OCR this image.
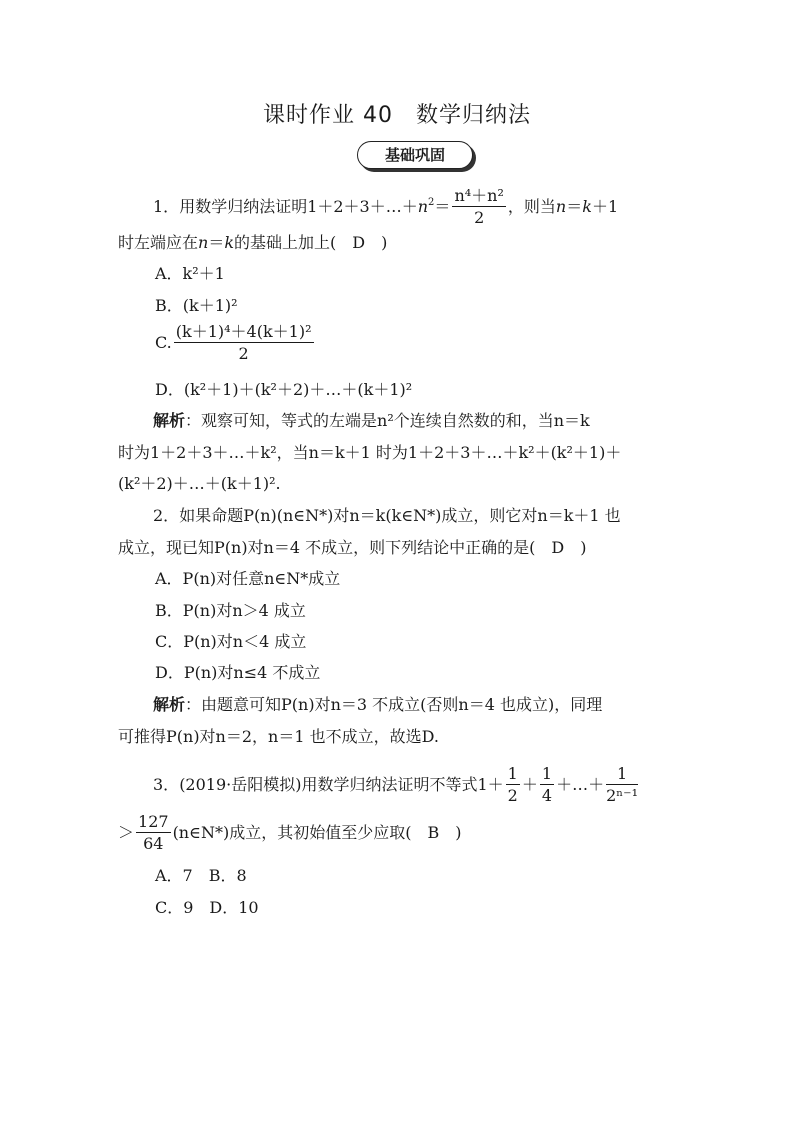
课时作业 40　数学归纳法
基础巩固
1．用数学归纳法证明$1+2+3+\dots+n^2= \frac{\text{n⁴＋n²}}{2}$ ，则当n＝k＋1
时左端应在n＝k的基础上加上(　D　)
A．k²＋1
B．(k＋1)²
C. $\frac{\text{(k＋1)⁴＋4(k＋1)²}}{2}$
D．(k²＋1)＋(k²＋2)＋…＋(k＋1)²
解析：观察可知，等式的左端是n²个连续自然数的和，当n＝k
时为1＋2＋3＋…＋k²，当n＝k＋1 时为1＋2＋3＋…＋k²＋(k²＋1)＋
(k²＋2)＋…＋(k＋1)².
2．如果命题P(n)(n∈N*)对n＝k(k∈N*)成立，则它对n＝k＋1 也
成立，现已知P(n)对n＝4 不成立，则下列结论中正确的是(　D　)
A．P(n)对任意n∈N*成立
B．P(n)对n＞4 成立
C．P(n)对n＜4 成立
D．P(n)对n≤4 不成立
解析：由题意可知P(n)对n＝3 不成立(否则n＝4 也成立)，同理
可推得P(n)对n＝2，n＝1 也不成立，故选D.
3．(2019·岳阳模拟)用数学归纳法证明不等式$1+ \frac{1}{2} + \frac{1}{4}$ ＋…＋ $\frac{1}{\text{2ⁿ⁻¹}}$
＞ $\frac{127}{64}$ (n∈N*)成立，其初始值至少应取(　B　)
A．7　B．8
C．9　D．10
